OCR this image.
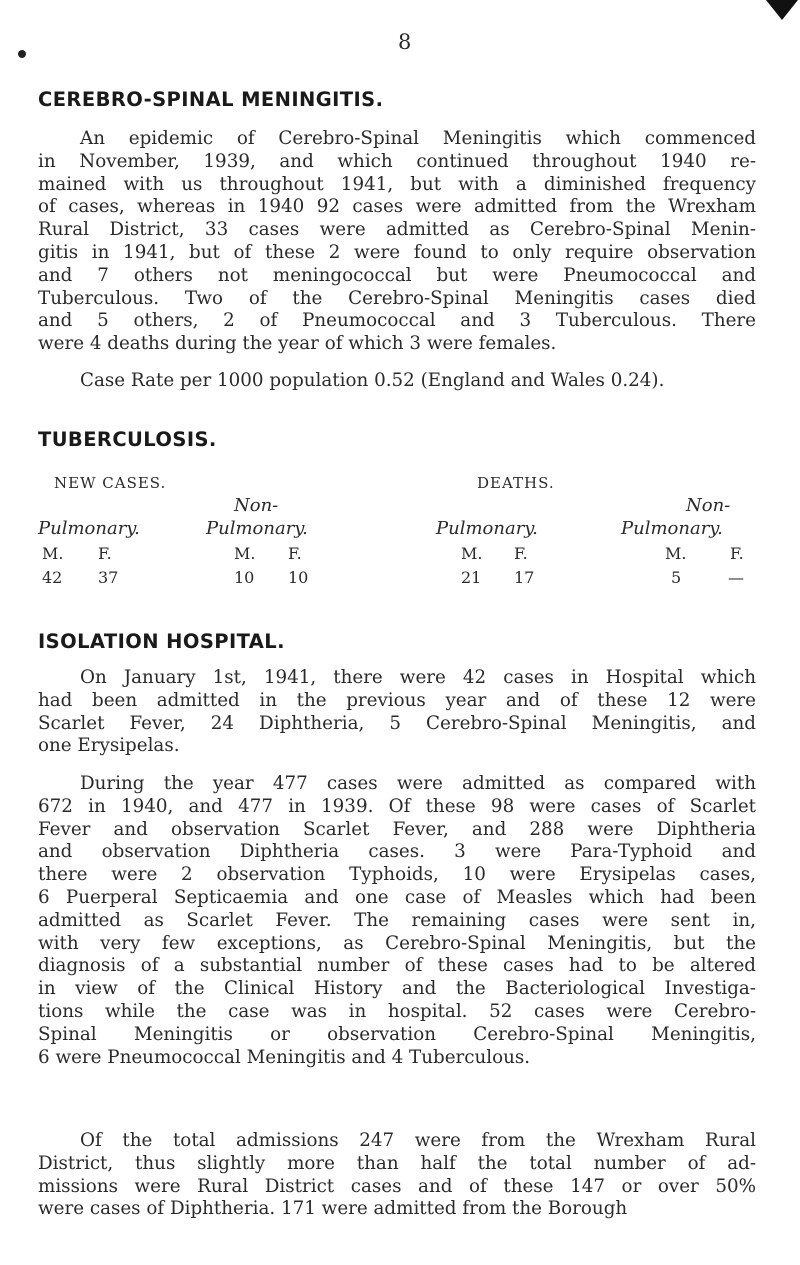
8
CEREBRO-SPINAL MENINGITIS.
An epidemic of Cerebro-Spinal Meningitis which commenced
in November, 1939, and which continued throughout 1940 re-
mained with us throughout 1941, but with a diminished frequency
of cases, whereas in 1940 92 cases were admitted from the Wrexham
Rural District, 33 cases were admitted as Cerebro-Spinal Menin-
gitis in 1941, but of these 2 were found to only require observation
and 7 others not meningococcal but were Pneumococcal and
Tuberculous. Two of the Cerebro-Spinal Meningitis cases died
and 5 others, 2 of Pneumococcal and 3 Tuberculous. There
were 4 deaths during the year of which 3 were females.
Case Rate per 1000 population 0.52 (England and Wales 0.24).
TUBERCULOSIS.
NEW CASES.	DEATHS.
Non-	Non-
Pulmonary.	Pulmonary.	Pulmonary.	Pulmonary.
M. F.	M. F.	M. F.	M.	F.
42 37	10 10	21 17	5	—
ISOLATION HOSPITAL.
On January 1st, 1941, there were 42 cases in Hospital which
had been admitted in the previous year and of these 12 were
Scarlet Fever, 24 Diphtheria, 5 Cerebro-Spinal Meningitis, and
one Erysipelas.
During the year 477 cases were admitted as compared with
672 in 1940, and 477 in 1939. Of these 98 were cases of Scarlet
Fever and observation Scarlet Fever, and 288 were Diphtheria
and observation Diphtheria cases. 3 were Para-Typhoid and
there were 2 observation Typhoids, 10 were Erysipelas cases,
6 Puerperal Septicaemia and one case of Measles which had been
admitted as Scarlet Fever. The remaining cases were sent in,
with very few exceptions, as Cerebro-Spinal Meningitis, but the
diagnosis of a substantial number of these cases had to be altered
in view of the Clinical History and the Bacteriological Investiga-
tions while the case was in hospital. 52 cases were Cerebro-
Spinal Meningitis or observation Cerebro-Spinal Meningitis,
6 were Pneumococcal Meningitis and 4 Tuberculous.
Of the total admissions 247 were from the Wrexham Rural
District, thus slightly more than half the total number of ad-
missions were Rural District cases and of these 147 or over 50%
were cases of Diphtheria. 171 were admitted from the Borough
